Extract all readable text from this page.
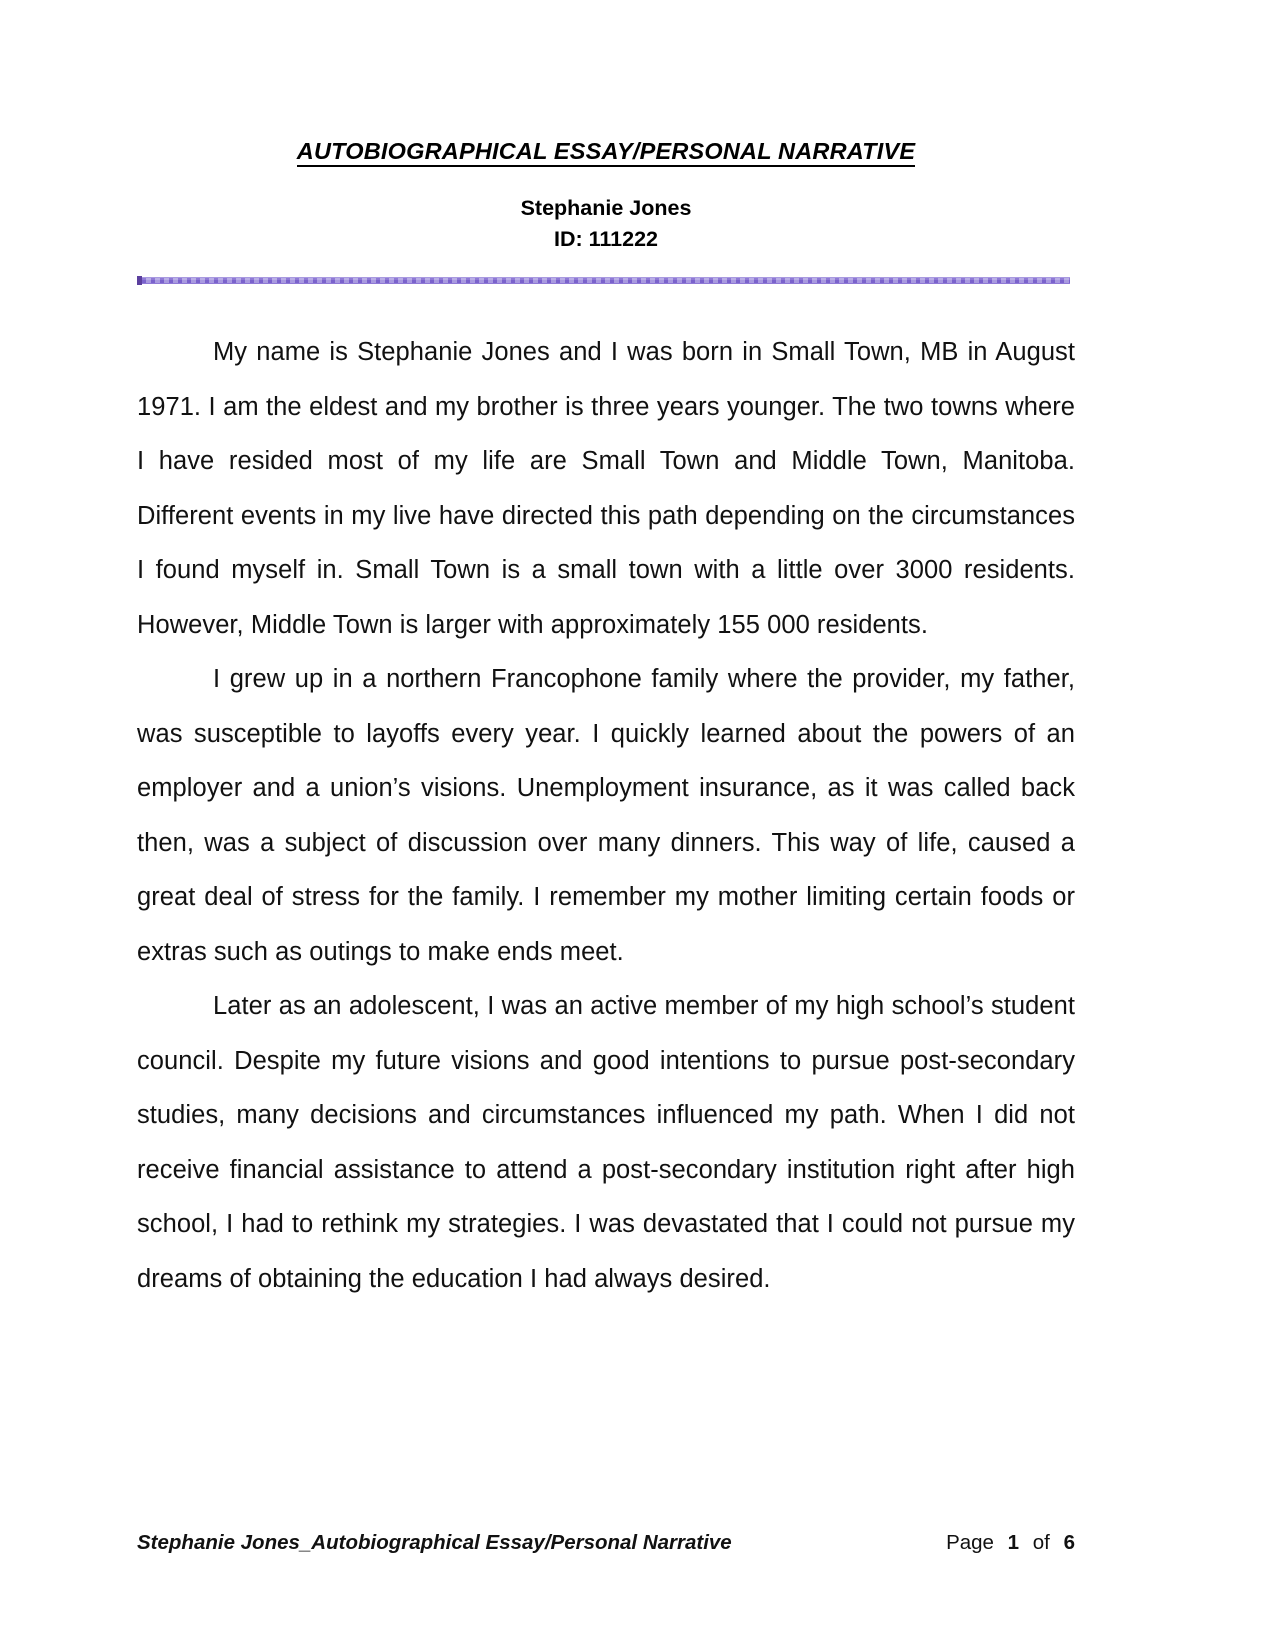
AUTOBIOGRAPHICAL ESSAY/PERSONAL NARRATIVE
Stephanie Jones
ID: 111222

My name is Stephanie Jones and I was born in Small Town, MB in August 1971. I am the eldest and my brother is three years younger. The two towns where I have resided most of my life are Small Town and Middle Town, Manitoba. Different events in my live have directed this path depending on the circumstances I found myself in. Small Town is a small town with a little over 3000 residents. However, Middle Town is larger with approximately 155 000 residents.

I grew up in a northern Francophone family where the provider, my father, was susceptible to layoffs every year. I quickly learned about the powers of an employer and a union’s visions. Unemployment insurance, as it was called back then, was a subject of discussion over many dinners. This way of life, caused a great deal of stress for the family. I remember my mother limiting certain foods or extras such as outings to make ends meet.

Later as an adolescent, I was an active member of my high school’s student council. Despite my future visions and good intentions to pursue post-secondary studies, many decisions and circumstances influenced my path. When I did not receive financial assistance to attend a post-secondary institution right after high school, I had to rethink my strategies. I was devastated that I could not pursue my dreams of obtaining the education I had always desired.

Stephanie Jones_Autobiographical Essay/Personal Narrative	Page 1 of 6
